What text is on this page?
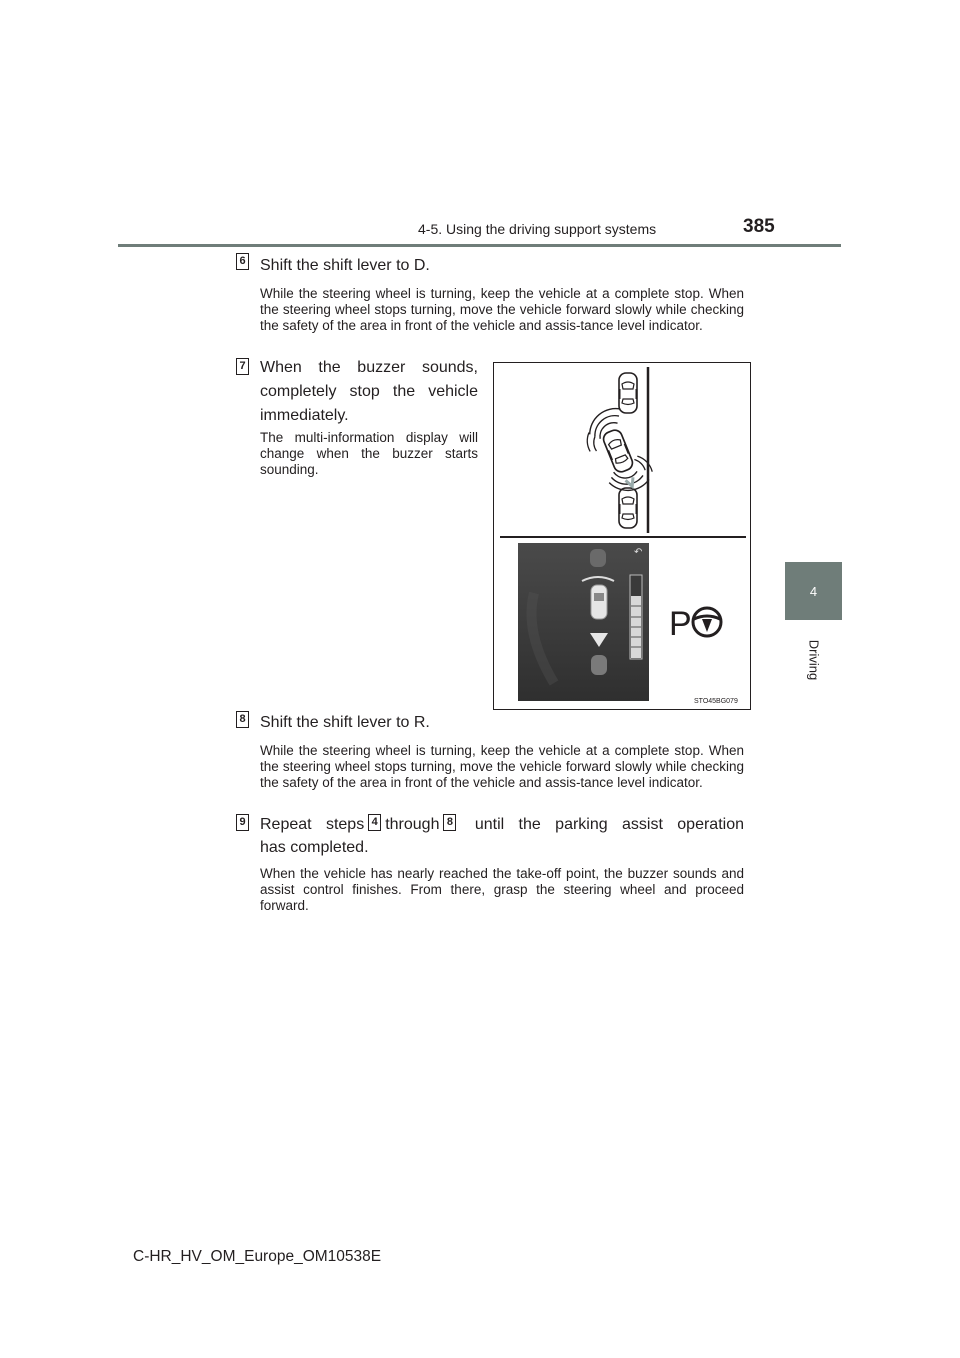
4-5. Using the driving support systems	385
4
Driving
6 Shift the shift lever to D.
While the steering wheel is turning, keep the vehicle at a complete stop. When the steering wheel stops turning, move the vehicle forward slowly while checking the safety of the area in front of the vehicle and assis-tance level indicator.
7 When the buzzer sounds, completely stop the vehicle immediately.
The multi-information display will change when the buzzer starts sounding.
↶
P
STO45BG079
8 Shift the shift lever to R.
While the steering wheel is turning, keep the vehicle at a complete stop. When the steering wheel stops turning, move the vehicle forward slowly while checking the safety of the area in front of the vehicle and assis-tance level indicator.
9 Repeat steps 4 through 8 until the parking assist operation
has completed.
When the vehicle has nearly reached the take-off point, the buzzer sounds and assist control finishes. From there, grasp the steering wheel and proceed forward.
C-HR_HV_OM_Europe_OM10538E
